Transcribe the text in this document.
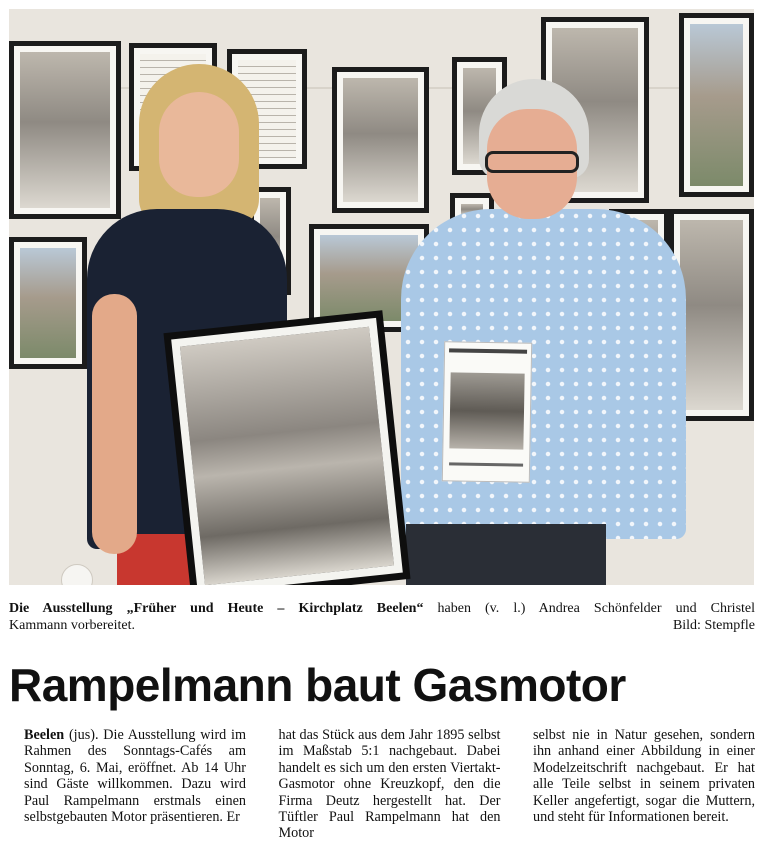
Die Ausstellung „Früher und Heute – Kirchplatz Beelen“ haben (v. l.) Andrea Schönfelder und Christel
Kammann vorbereitet.	Bild: Stempfle
Rampelmann baut Gasmotor
Beelen (jus). Die Ausstellung wird im Rahmen des Sonntags-Cafés am Sonntag, 6. Mai, eröffnet. Ab 14 Uhr sind Gäste willkommen. Dazu wird Paul Rampelmann erstmals einen selbstgebauten Motor präsentieren. Er
hat das Stück aus dem Jahr 1895 selbst im Maßstab 5:1 nachgebaut. Dabei handelt es sich um den ersten Viertakt-Gasmotor ohne Kreuzkopf, den die Firma Deutz hergestellt hat. Der Tüftler Paul Rampelmann hat den Motor
selbst nie in Natur gesehen, sondern ihn anhand einer Abbildung in einer Modelzeitschrift nachgebaut. Er hat alle Teile selbst in seinem privaten Keller angefertigt, sogar die Muttern, und steht für Informationen bereit.
